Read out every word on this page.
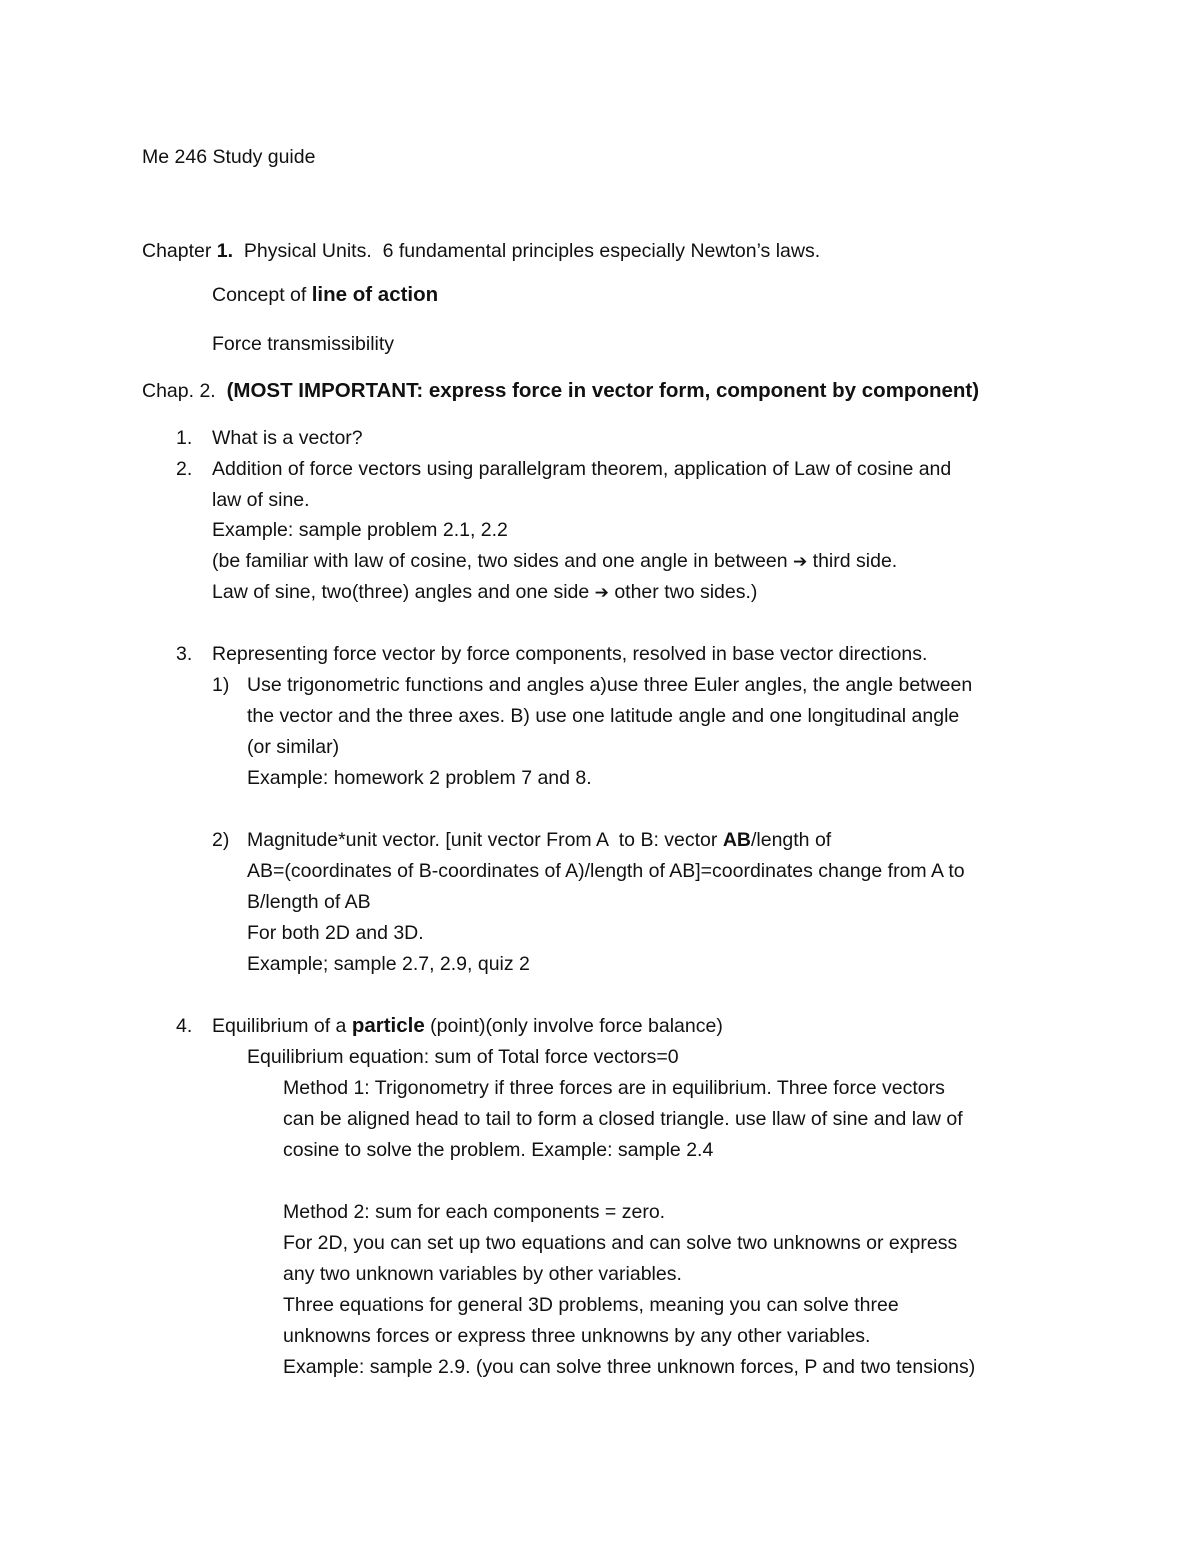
Me 246 Study guide
Chapter 1.  Physical Units.  6 fundamental principles especially Newton’s laws.
Concept of line of action
Force transmissibility
Chap. 2.  (MOST IMPORTANT: express force in vector form, component by component)
1. What is a vector?
2. Addition of force vectors using parallelgram theorem, application of Law of cosine and
law of sine.
Example: sample problem 2.1, 2.2
(be familiar with law of cosine, two sides and one angle in between ➔ third side.
Law of sine, two(three) angles and one side ➔ other two sides.)
3. Representing force vector by force components, resolved in base vector directions.
1) Use trigonometric functions and angles a)use three Euler angles, the angle between
the vector and the three axes. B) use one latitude angle and one longitudinal angle
(or similar)
Example: homework 2 problem 7 and 8.
2) Magnitude*unit vector. [unit vector From A  to B: vector AB/length of
AB=(coordinates of B-coordinates of A)/length of AB]=coordinates change from A to
B/length of AB
For both 2D and 3D.
Example; sample 2.7, 2.9, quiz 2
4. Equilibrium of a particle (point)(only involve force balance)
Equilibrium equation: sum of Total force vectors=0
Method 1: Trigonometry if three forces are in equilibrium. Three force vectors
can be aligned head to tail to form a closed triangle. use llaw of sine and law of
cosine to solve the problem. Example: sample 2.4
Method 2: sum for each components = zero.
For 2D, you can set up two equations and can solve two unknowns or express
any two unknown variables by other variables.
Three equations for general 3D problems, meaning you can solve three
unknowns forces or express three unknowns by any other variables.
Example: sample 2.9. (you can solve three unknown forces, P and two tensions)
